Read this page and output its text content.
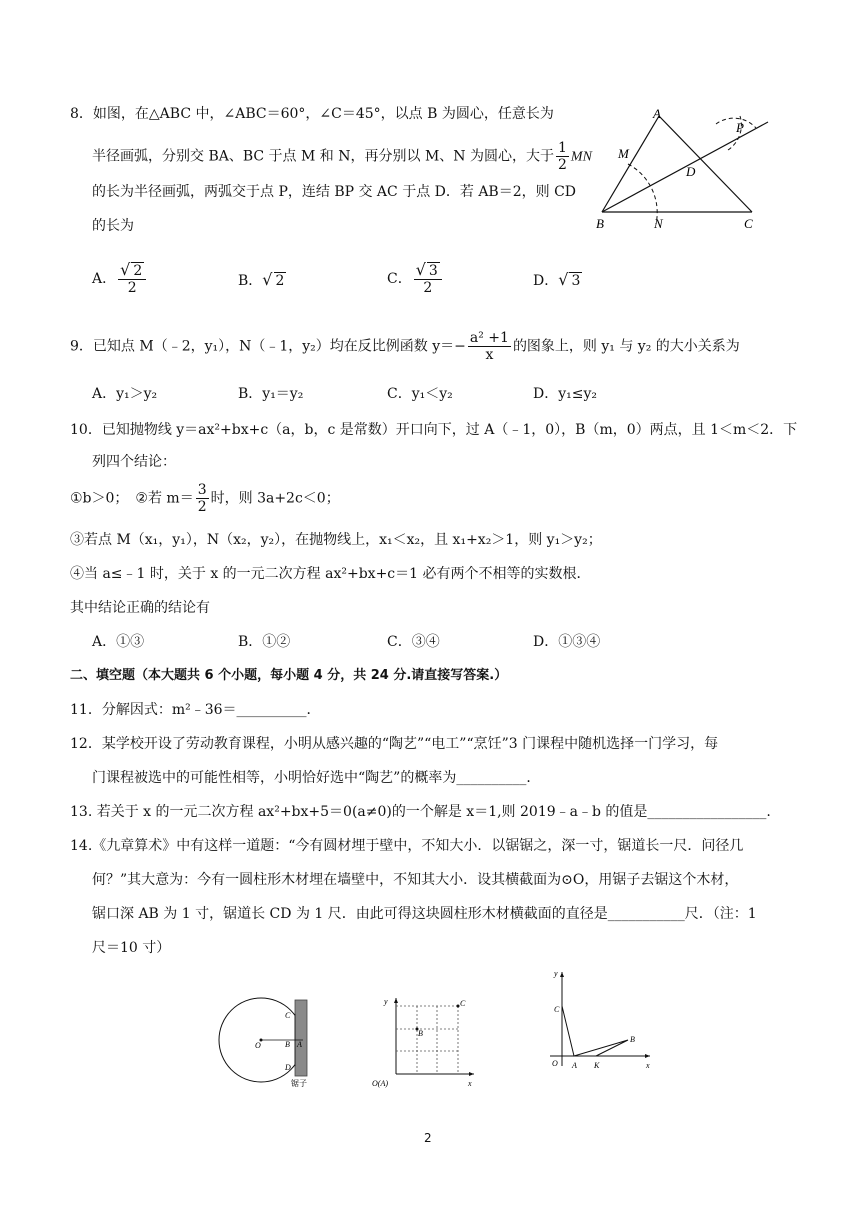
8．如图，在△ABC 中，∠ABC＝60°，∠C＝45°，以点 B 为圆心，任意长为
半径画弧，分别交 BA、BC 于点 M 和 N，再分别以 M、N 为圆心，大于 $\frac{1}{2}$ MN
的长为半径画弧，两弧交于点 P，连结 BP 交 AC 于点 D．若 AB＝2，则 CD
的长为
A
B	C
M
N
D
P
A． $\frac{√ 2}{2}$	B．√ 2	C． $\frac{√ 3}{2}$	D．√ 3
9．已知点 M（﹣2，y₁），N（﹣1，y₂）均在反比例函数 $y=- \frac{\text{a² +1}}{x}$ 的图象上，则 y₁ 与 y₂ 的大小关系为
A．y₁＞y₂	B．y₁＝y₂	C．y₁＜y₂	D．y₁≤y₂
10．已知抛物线 y＝ax²+bx+c（a，b，c 是常数）开口向下，过 A（﹣1，0），B（m，0）两点，且 1＜m＜2．下
列四个结论：
①b＞0；　②若 $m= \frac{3}{2}$ 时，则 3a+2c＜0；
③若点 M（x₁，y₁），N（x₂，y₂），在抛物线上，x₁＜x₂，且 x₁+x₂＞1，则 y₁＞y₂；
④当 a≤﹣1 时，关于 x 的一元二次方程 ax²+bx+c＝1 必有两个不相等的实数根．
其中结论正确的结论有
A．①③	B．①②	C．③④	D．①③④
二、填空题（本大题共 6 个小题，每小题 4 分，共 24 分.请直接写答案.）
11．分解因式：m²﹣36＝__________．
12．某学校开设了劳动教育课程，小明从感兴趣的“陶艺”“电工”“烹饪”3 门课程中随机选择一门学习，每
门课程被选中的可能性相等，小明恰好选中“陶艺”的概率为__________．
13. 若关于 x 的一元二次方程 ax²+bx+5＝0(a≠0)的一个解是 x＝1,则 2019﹣a﹣b 的值是_________________.
14.《九章算术》中有这样一道题：“今有圆材埋于壁中，不知大小．以锯锯之，深一寸，锯道长一尺．问径几
何？”其大意为：今有一圆柱形木材埋在墙壁中，不知其大小．设其横截面为⊙O，用锯子去锯这个木材，
锯口深 AB 为 1 寸，锯道长 CD 为 1 尺．由此可得这块圆柱形木材横截面的直径是___________尺．（注：1
尺＝10 寸）
C
B A
O
D
锯子
y
x
B
C
O(A)
y
x
C
O A K
B
2
